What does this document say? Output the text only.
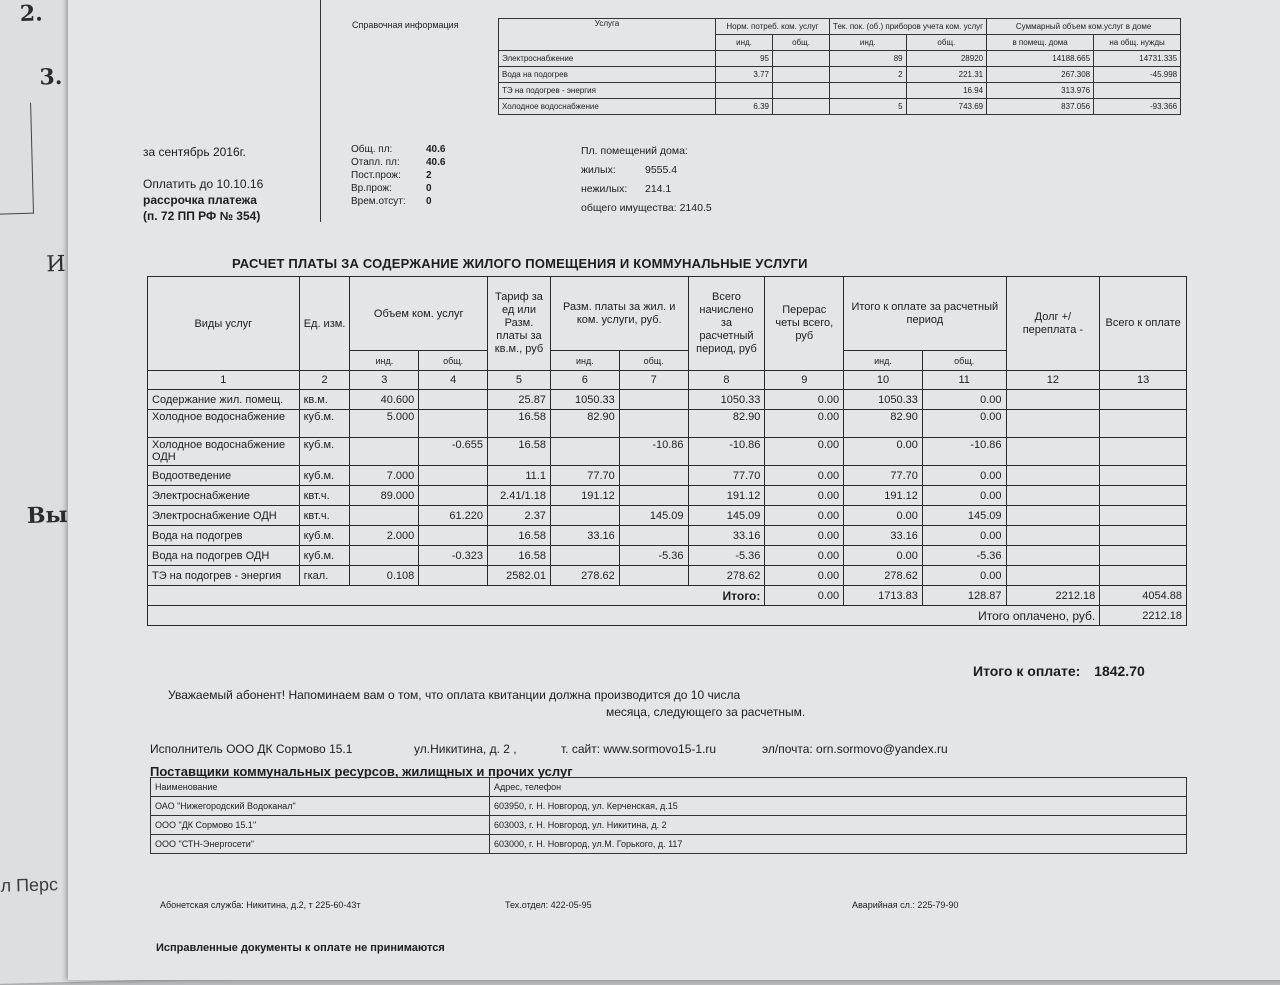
2.
3.
И
Вы
л Перс
Справочная информация	Услуга	Норм. потреб. ком. услуг		Тек. пок. (об.) приборов учета ком. услуг		Суммарный объем ком.услуг в доме	
	инд.	общ.	инд.	общ.	в помещ. дома	на общ. нужды
Электроснабжение	95		89	28920	14188.665	14731.335
Вода на подогрев	3.77		2	221.31	267.308	-45.998
ТЭ на подогрев - энергия				16.94	313.976	
Холодное водоснабжение	6.39		5	743.69	837.056	-93.366
за сентябрь 2016г.
Оплатить до 10.10.16
рассрочка платежа
(п. 72 ПП РФ № 354)
Общ. пл:	40.6
Отапл. пл:	40.6
Пост.прож:	2
Вр.прож:	0
Врем.отсут: 0
Пл. помещений дома:
жилых:	9555.4
нежилых: 214.1
общего имущества: 2140.5
РАСЧЕТ ПЛАТЫ ЗА СОДЕРЖАНИЕ ЖИЛОГО ПОМЕЩЕНИЯ И КОММУНАЛЬНЫЕ УСЛУГИ
Виды услуг	Ед. изм.	Объем ком. услуг		Тариф за ед или Разм. платы за кв.м., руб	Разм. платы за жил. и ком. услуги, руб.		Всего начислено за расчетный период, руб	Перерас четы всего, руб	Итого к оплате за расчетный период		Долг +/ переплата -	Всего к оплате
		инд.	общ.		инд.	общ.			инд.	общ.		
1	2	3	4	5	6	7	8	9	10	11	12	13
Содержание жил. помещ.	кв.м.	40.600		25.87	1050.33		1050.33	0.00	1050.33	0.00		
Холодное водоснабжение	куб.м.	5.000		16.58	82.90		82.90	0.00	82.90	0.00		
Холодное водоснабжение ОДН	куб.м.		-0.655	16.58		-10.86	-10.86	0.00	0.00	-10.86		
Водоотведение	куб.м.	7.000		11.1	77.70		77.70	0.00	77.70	0.00		
Электроснабжение	квт.ч.	89.000		2.41/1.18	191.12		191.12	0.00	191.12	0.00		
Электроснабжение ОДН	квт.ч.		61.220	2.37		145.09	145.09	0.00	0.00	145.09		
Вода на подогрев	куб.м.	2.000		16.58	33.16		33.16	0.00	33.16	0.00		
Вода на подогрев ОДН	куб.м.		-0.323	16.58		-5.36	-5.36	0.00	0.00	-5.36		
ТЭ на подогрев - энергия	гкал.	0.108		2582.01	278.62		278.62	0.00	278.62	0.00		
Итого:								0.00	1713.83	128.87	2212.18	4054.88
Итого оплачено, руб.												2212.18
Итого к оплате: 1842.70
Уважаемый абонент! Напоминаем вам о том, что оплата квитанции должна производится до 10 числа
месяца, следующего за расчетным.
Исполнитель ООО ДК Сормово 15.1	ул.Никитина, д. 2 ,	т. сайт: www.sormovo15-1.ru	эл/почта: orn.sormovo@yandex.ru
Поставщики коммунальных ресурсов, жилищных и прочих услуг
Наименование	Адрес, телефон
ОАО "Нижегородский Водоканал"	603950, г. Н. Новгород, ул. Керченская, д.15
ООО "ДК Сормово 15.1"	603003, г. Н. Новгород, ул. Никитина, д. 2
ООО "СТН-Энергосети"	603000, г. Н. Новгород, ул.М. Горького, д. 117
Абонетская служба: Никитина, д.2, т 225-60-43т	Тех.отдел: 422-05-95	Аварийная сл.: 225-79-90
Исправленные документы к оплате не принимаются
